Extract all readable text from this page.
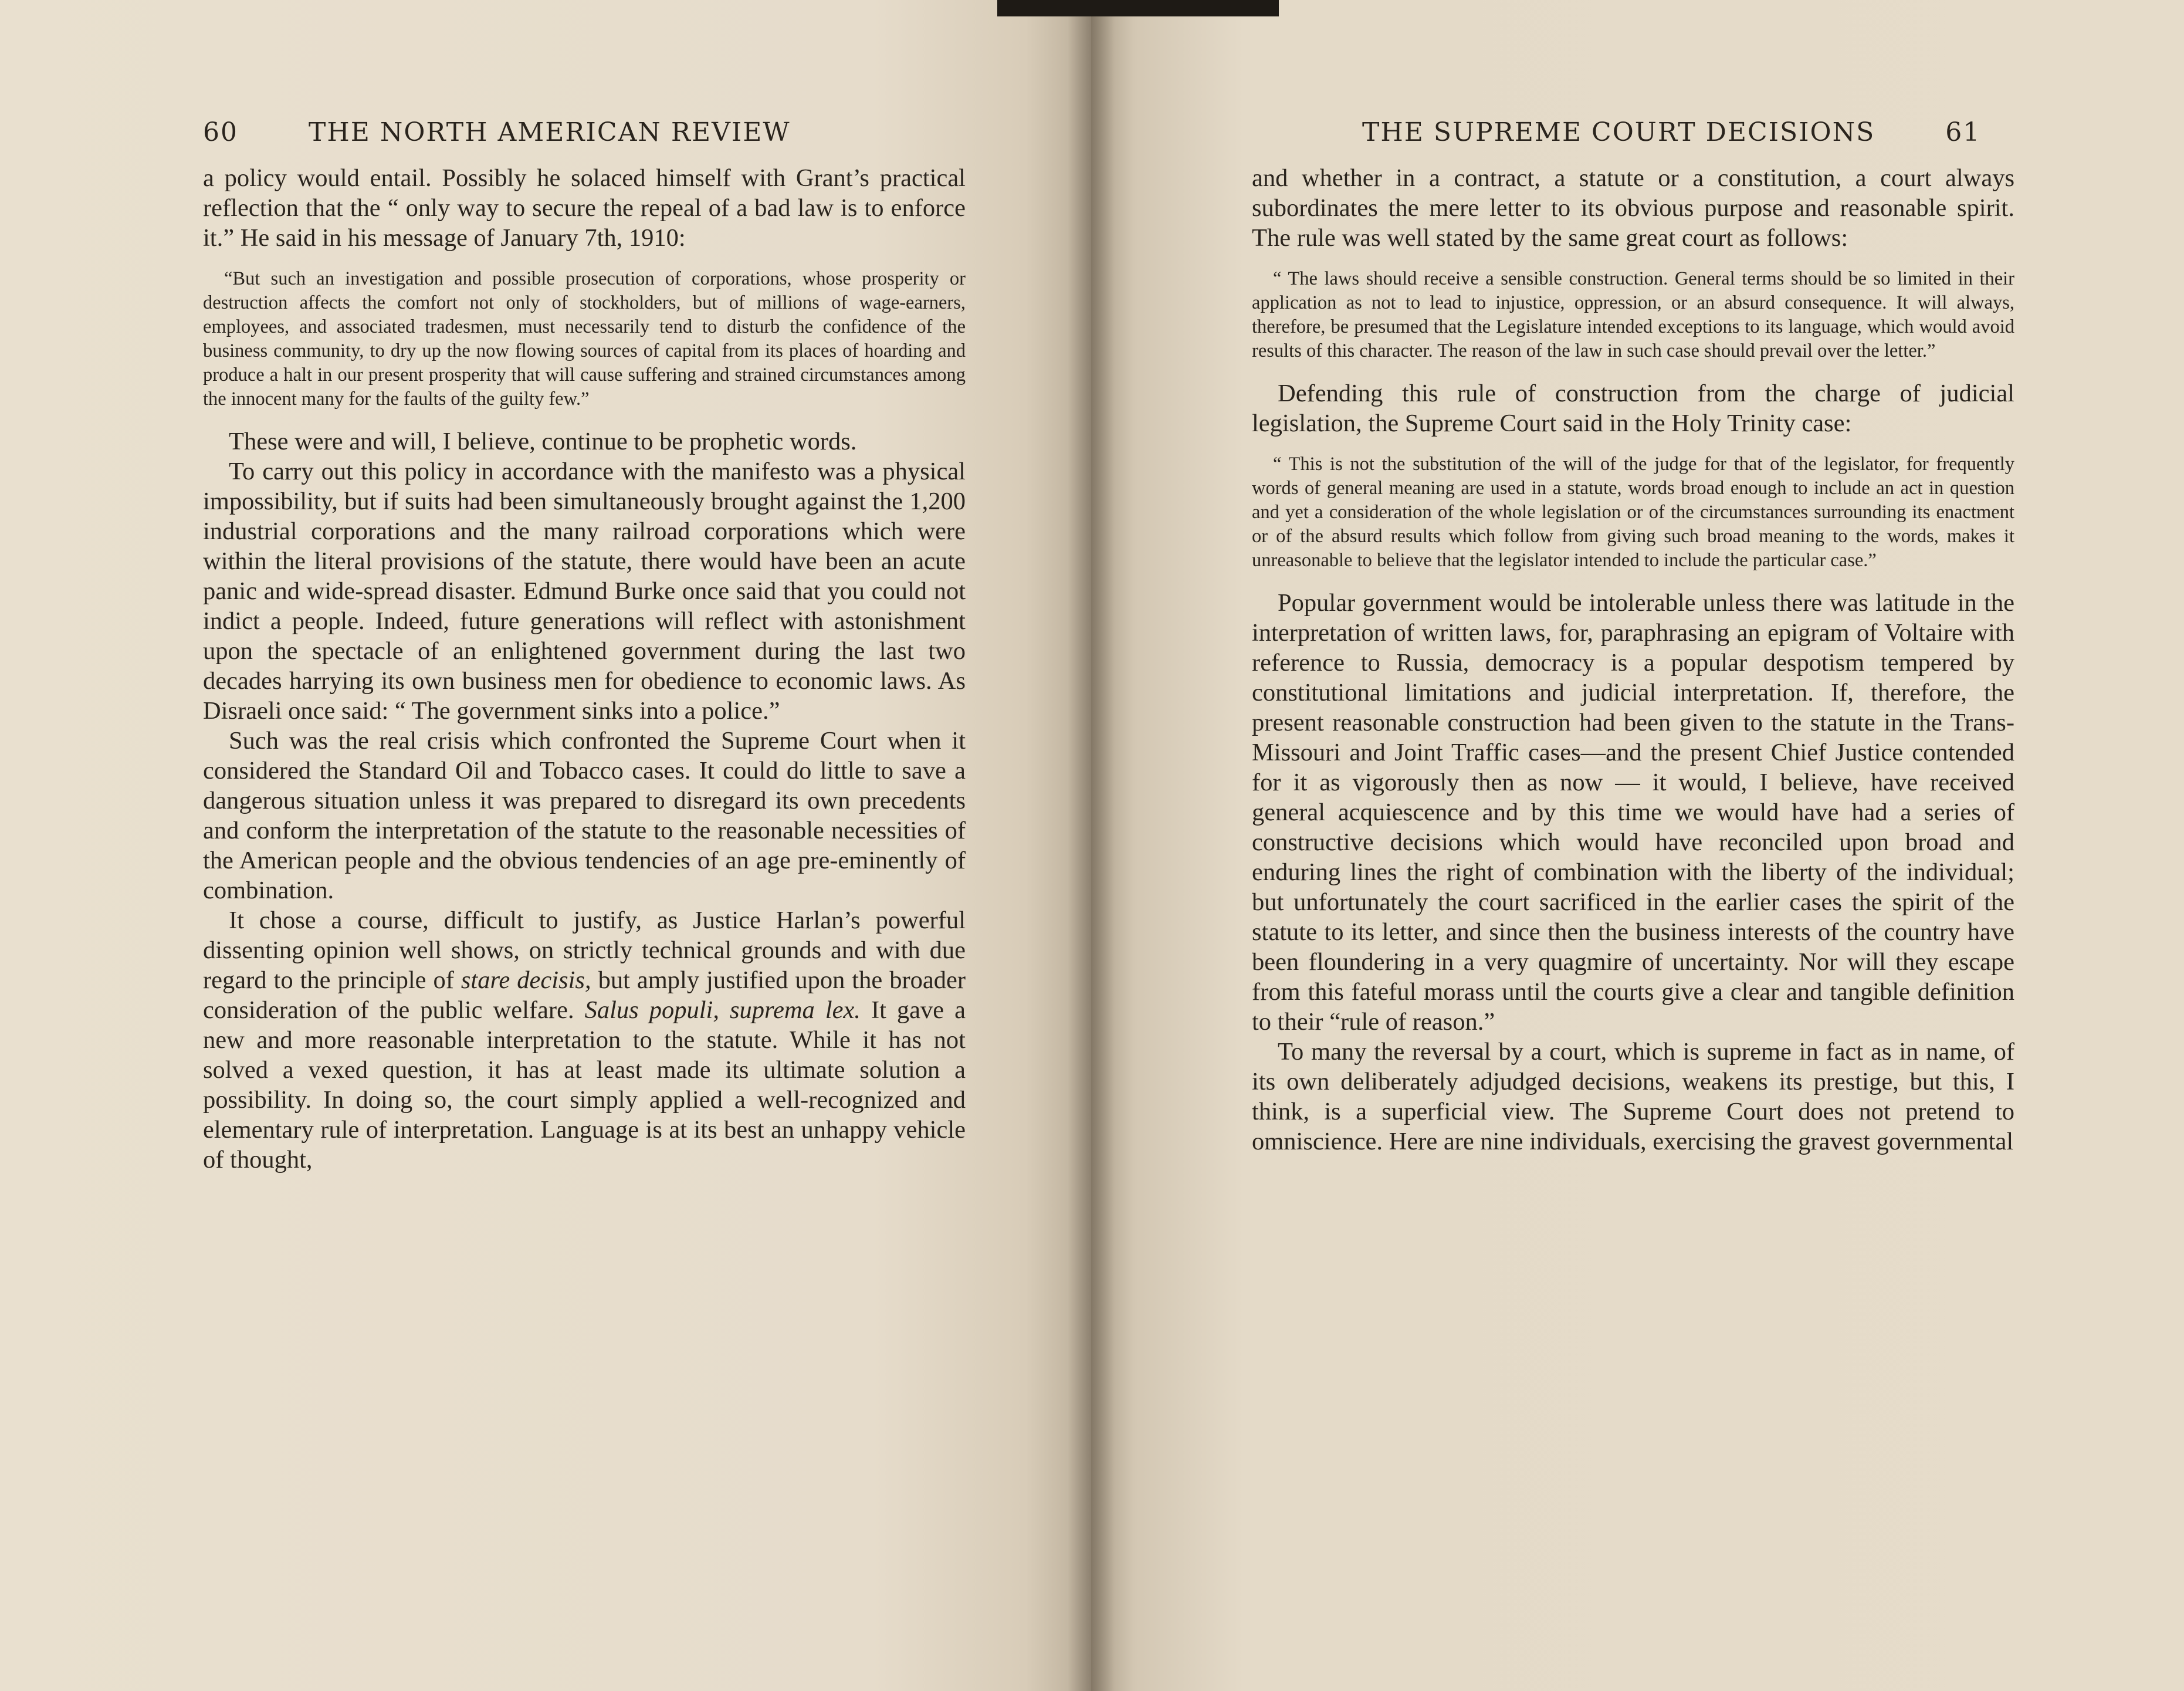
60	THE NORTH AMERICAN REVIEW

a policy would entail. Possibly he solaced himself with Grant’s practical reflection that the “ only way to secure the repeal of a bad law is to enforce it.” He said in his message of January 7th, 1910:

“But such an investigation and possible prosecution of corporations, whose prosperity or destruction affects the comfort not only of stockholders, but of millions of wage-earners, employees, and associated tradesmen, must necessarily tend to disturb the confidence of the business community, to dry up the now flowing sources of capital from its places of hoarding and produce a halt in our present prosperity that will cause suffering and strained circumstances among the innocent many for the faults of the guilty few.”

These were and will, I believe, continue to be prophetic words.

To carry out this policy in accordance with the manifesto was a physical impossibility, but if suits had been simultaneously brought against the 1,200 industrial corporations and the many railroad corporations which were within the literal provisions of the statute, there would have been an acute panic and wide-spread disaster. Edmund Burke once said that you could not indict a people. Indeed, future generations will reflect with astonishment upon the spectacle of an enlightened government during the last two decades harrying its own business men for obedience to economic laws. As Disraeli once said: “ The government sinks into a police.”

Such was the real crisis which confronted the Supreme Court when it considered the Standard Oil and Tobacco cases. It could do little to save a dangerous situation unless it was prepared to disregard its own precedents and conform the interpretation of the statute to the reasonable necessities of the American people and the obvious tendencies of an age pre-eminently of combination.

It chose a course, difficult to justify, as Justice Harlan’s powerful dissenting opinion well shows, on strictly technical grounds and with due regard to the principle of stare decisis, but amply justified upon the broader consideration of the public welfare. Salus populi, suprema lex. It gave a new and more reasonable interpretation to the statute. While it has not solved a vexed question, it has at least made its ultimate solution a possibility. In doing so, the court simply applied a well-recognized and elementary rule of interpretation. Language is at its best an unhappy vehicle of thought,

THE SUPREME COURT DECISIONS	61

and whether in a contract, a statute or a constitution, a court always subordinates the mere letter to its obvious purpose and reasonable spirit. The rule was well stated by the same great court as follows:

“ The laws should receive a sensible construction. General terms should be so limited in their application as not to lead to injustice, oppression, or an absurd consequence. It will always, therefore, be presumed that the Legislature intended exceptions to its language, which would avoid results of this character. The reason of the law in such case should prevail over the letter.”

Defending this rule of construction from the charge of judicial legislation, the Supreme Court said in the Holy Trinity case:

“ This is not the substitution of the will of the judge for that of the legislator, for frequently words of general meaning are used in a statute, words broad enough to include an act in question and yet a consideration of the whole legislation or of the circumstances surrounding its enactment or of the absurd results which follow from giving such broad meaning to the words, makes it unreasonable to believe that the legislator intended to include the particular case.”

Popular government would be intolerable unless there was latitude in the interpretation of written laws, for, paraphrasing an epigram of Voltaire with reference to Russia, democracy is a popular despotism tempered by constitutional limitations and judicial interpretation. If, therefore, the present reasonable construction had been given to the statute in the Trans-Missouri and Joint Traffic cases—and the present Chief Justice contended for it as vigorously then as now — it would, I believe, have received general acquiescence and by this time we would have had a series of constructive decisions which would have reconciled upon broad and enduring lines the right of combination with the liberty of the individual; but unfortunately the court sacrificed in the earlier cases the spirit of the statute to its letter, and since then the business interests of the country have been floundering in a very quagmire of uncertainty. Nor will they escape from this fateful morass until the courts give a clear and tangible definition to their “rule of reason.”

To many the reversal by a court, which is supreme in fact as in name, of its own deliberately adjudged decisions, weakens its prestige, but this, I think, is a superficial view. The Supreme Court does not pretend to omniscience. Here are nine individuals, exercising the gravest governmental
